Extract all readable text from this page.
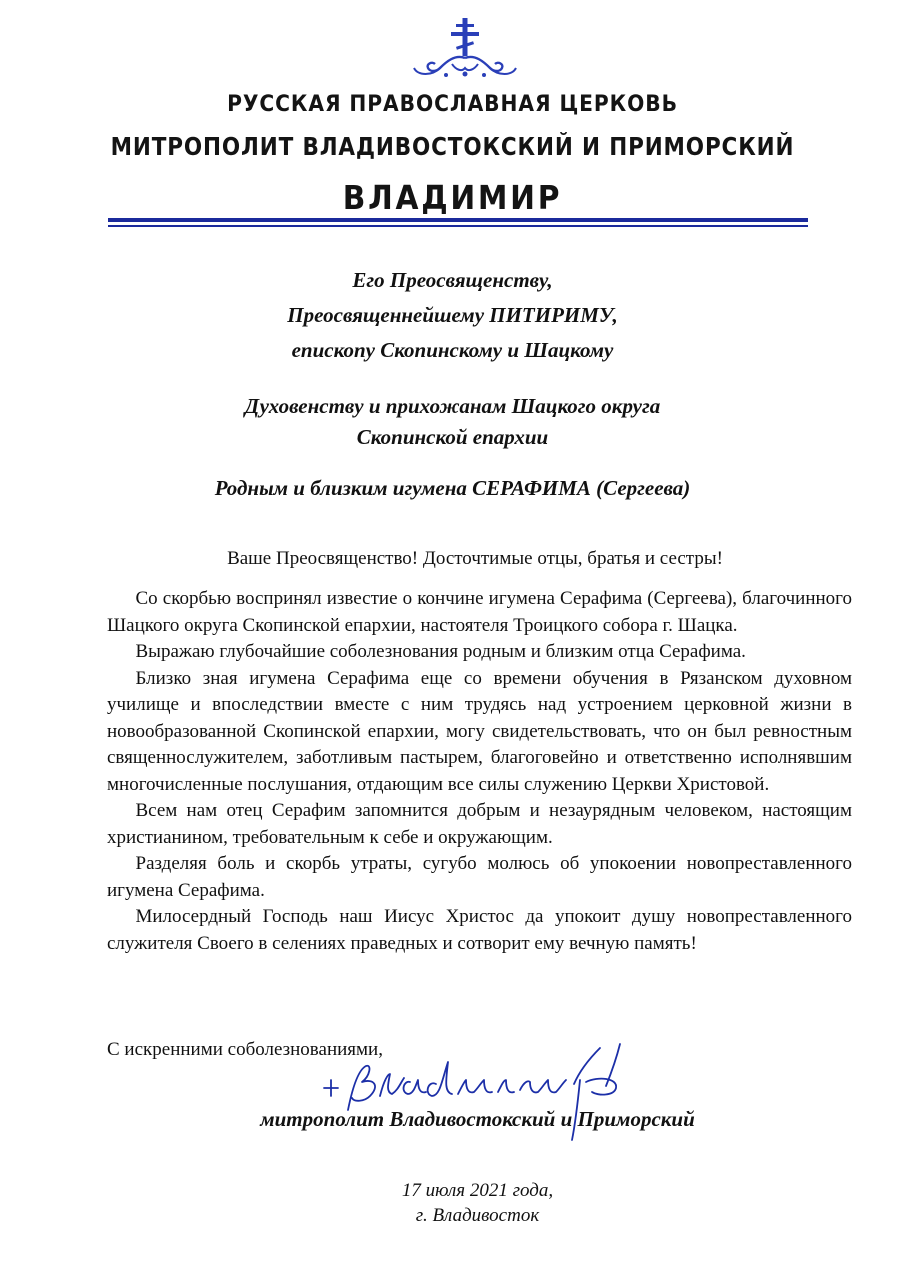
РУССКАЯ ПРАВОСЛАВНАЯ ЦЕРКОВЬ
МИТРОПОЛИТ ВЛАДИВОСТОКСКИЙ И ПРИМОРСКИЙ
ВЛАДИМИР
Его Преосвященству,
Преосвященнейшему ПИТИРИМУ,
епископу Скопинскому и Шацкому
Духовенству и прихожанам Шацкого округа
Скопинской епархии
Родным и близким игумена СЕРАФИМА (Сергеева)
Ваше Преосвященство! Досточтимые отцы, братья и сестры!

  Со скорбью воспринял известие о кончине игумена Серафима (Сергеева), благочинного Шацкого округа Скопинской епархии, настоятеля Троицкого собора г. Шацка.

  Выражаю глубочайшие соболезнования родным и близким отца Серафима.

  Близко зная игумена Серафима еще со времени обучения в Рязанском духовном училище и впоследствии вместе с ним трудясь над устроением церковной жизни в новообразованной Скопинской епархии, могу свидетельствовать, что он был ревностным священнослужителем, заботливым пастырем, благоговейно и ответственно исполнявшим многочисленные послушания, отдающим все силы служению Церкви Христовой.

  Всем нам отец Серафим запомнится добрым и незаурядным человеком, настоящим христианином, требовательным к себе и окружающим.

  Разделяя боль и скорбь утраты, сугубо молюсь об упокоении новопреставленного игумена Серафима.

  Милосердный Господь наш Иисус Христос да упокоит душу новопреставленного служителя Своего в селениях праведных и сотворит ему вечную память!

С искренними соболезнованиями,
митрополит Владивостокский и Приморский
17 июля 2021 года,
г. Владивосток
